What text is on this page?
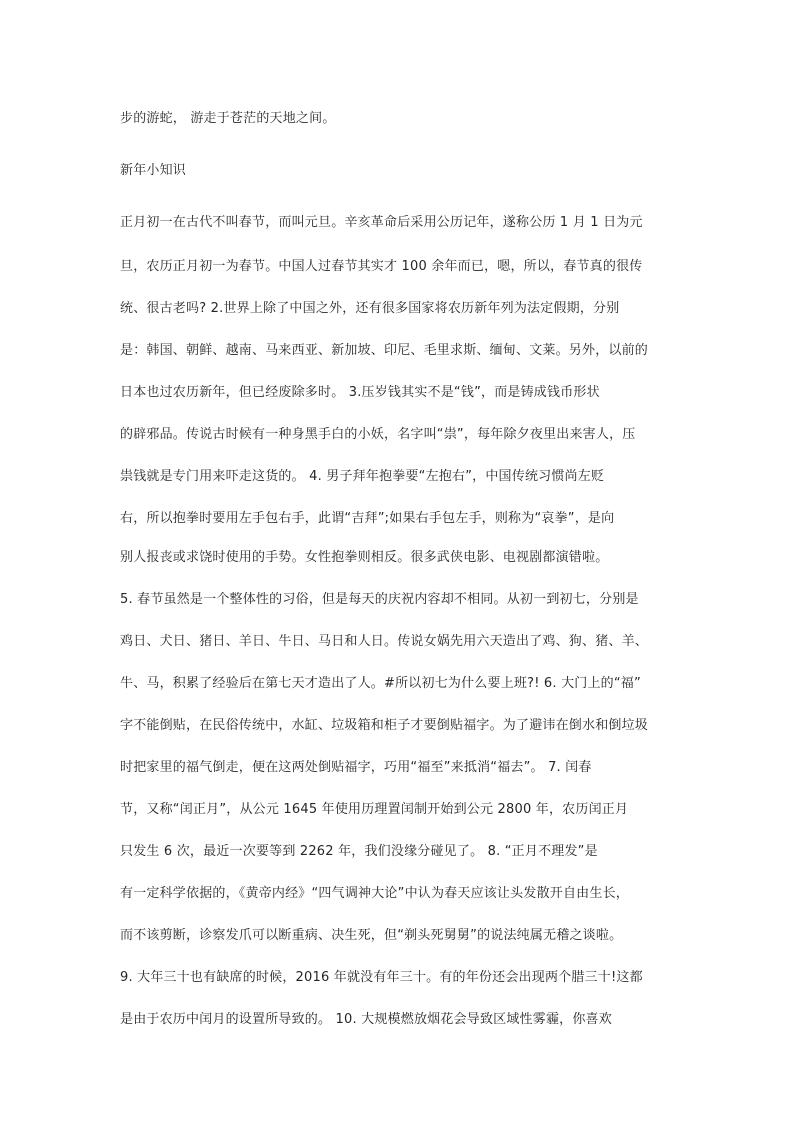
步的游蛇， 游走于苍茫的天地之间。

新年小知识

正月初一在古代不叫春节，而叫元旦。辛亥革命后采用公历记年，遂称公历 1 月 1 日为元

旦，农历正月初一为春节。中国人过春节其实才 100 余年而已，嗯，所以，春节真的很传

统、很古老吗? 2.世界上除了中国之外，还有很多国家将农历新年列为法定假期，分别

是：韩国、朝鲜、越南、马来西亚、新加坡、印尼、毛里求斯、缅甸、文莱。另外，以前的

日本也过农历新年，但已经废除多时。 3.压岁钱其实不是“钱”，而是铸成钱币形状

的辟邪品。传说古时候有一种身黑手白的小妖，名字叫“祟”，每年除夕夜里出来害人，压

祟钱就是专门用来吓走这货的。 4. 男子拜年抱拳要“左抱右”，中国传统习惯尚左贬

右，所以抱拳时要用左手包右手，此谓“吉拜”;如果右手包左手，则称为“哀拳”，是向

别人报丧或求饶时使用的手势。女性抱拳则相反。很多武侠电影、电视剧都演错啦。

5. 春节虽然是一个整体性的习俗，但是每天的庆祝内容却不相同。从初一到初七，分别是

鸡日、犬日、猪日、羊日、牛日、马日和人日。传说女娲先用六天造出了鸡、狗、猪、羊、

牛、马，积累了经验后在第七天才造出了人。#所以初七为什么要上班?! 6. 大门上的“福”

字不能倒贴，在民俗传统中，水缸、垃圾箱和柜子才要倒贴福字。为了避讳在倒水和倒垃圾

时把家里的福气倒走，便在这两处倒贴福字，巧用“福至”来抵消“福去”。 7. 闰春

节，又称“闰正月”，从公元 1645 年使用历理置闰制开始到公元 2800 年，农历闰正月

只发生 6 次，最近一次要等到 2262 年，我们没缘分碰见了。 8. “正月不理发”是

有一定科学依据的，《黄帝内经》“四气调神大论”中认为春天应该让头发散开自由生长，

而不该剪断，诊察发爪可以断重病、决生死，但“剃头死舅舅”的说法纯属无稽之谈啦。

9. 大年三十也有缺席的时候，2016 年就没有年三十。有的年份还会出现两个腊三十!这都

是由于农历中闰月的设置所导致的。 10. 大规模燃放烟花会导致区域性雾霾，你喜欢
